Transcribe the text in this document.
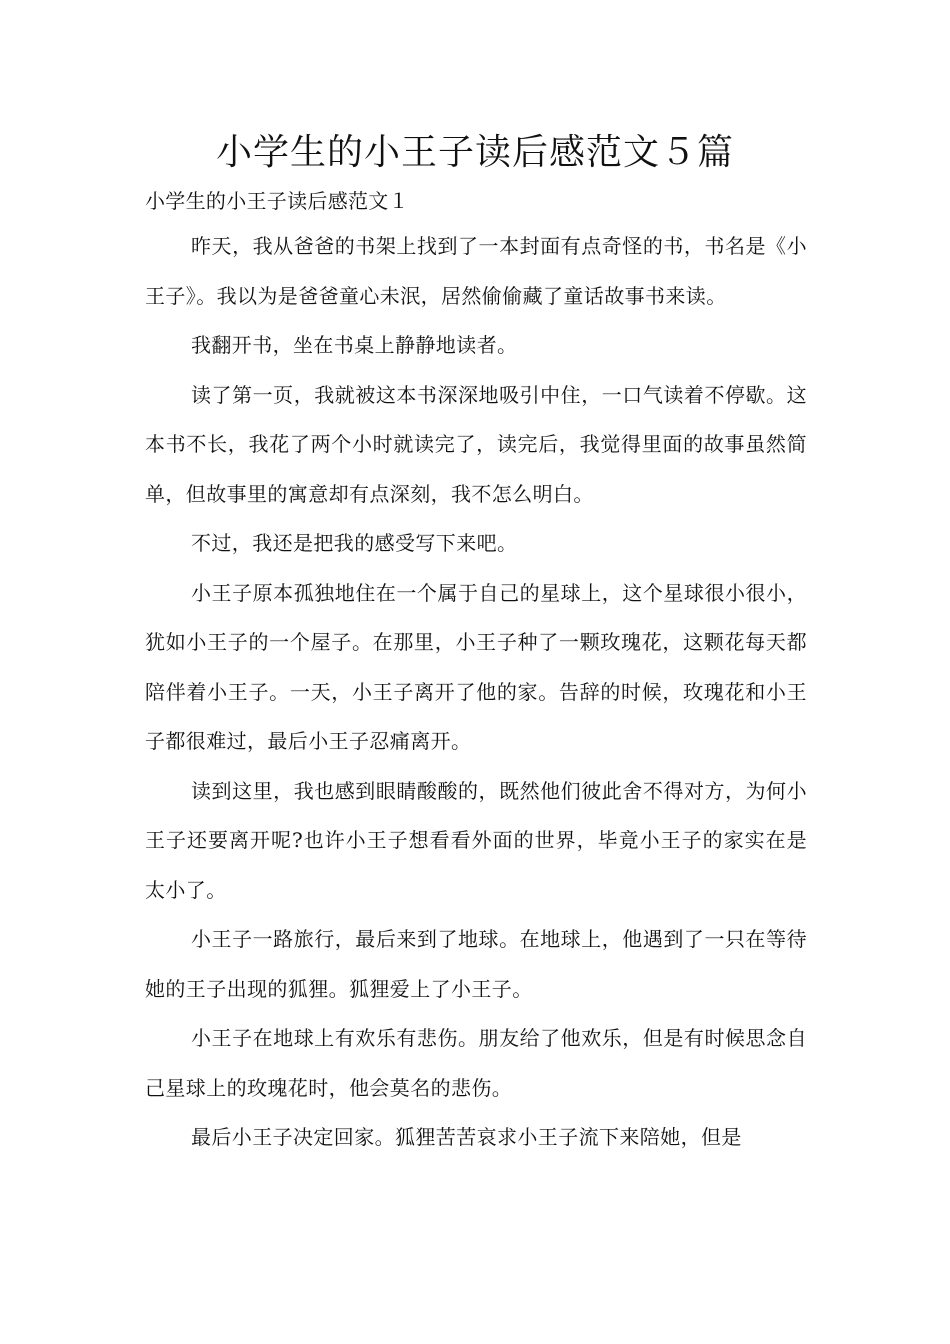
小学生的小王子读后感范文５篇

小学生的小王子读后感范文１

昨天，我从爸爸的书架上找到了一本封面有点奇怪的书，书名是《小王子》。我以为是爸爸童心未泯，居然偷偷藏了童话故事书来读。

我翻开书，坐在书桌上静静地读者。

读了第一页，我就被这本书深深地吸引中住，一口气读着不停歇。这本书不长，我花了两个小时就读完了，读完后，我觉得里面的故事虽然简单，但故事里的寓意却有点深刻，我不怎么明白。

不过，我还是把我的感受写下来吧。

小王子原本孤独地住在一个属于自己的星球上，这个星球很小很小，犹如小王子的一个屋子。在那里，小王子种了一颗玫瑰花，这颗花每天都陪伴着小王子。一天，小王子离开了他的家。告辞的时候，玫瑰花和小王子都很难过，最后小王子忍痛离开。

读到这里，我也感到眼睛酸酸的，既然他们彼此舍不得对方，为何小王子还要离开呢?也许小王子想看看外面的世界，毕竟小王子的家实在是太小了。

小王子一路旅行，最后来到了地球。在地球上，他遇到了一只在等待她的王子出现的狐狸。狐狸爱上了小王子。

小王子在地球上有欢乐有悲伤。朋友给了他欢乐，但是有时候思念自己星球上的玫瑰花时，他会莫名的悲伤。

最后小王子决定回家。狐狸苦苦哀求小王子流下来陪她，但是
